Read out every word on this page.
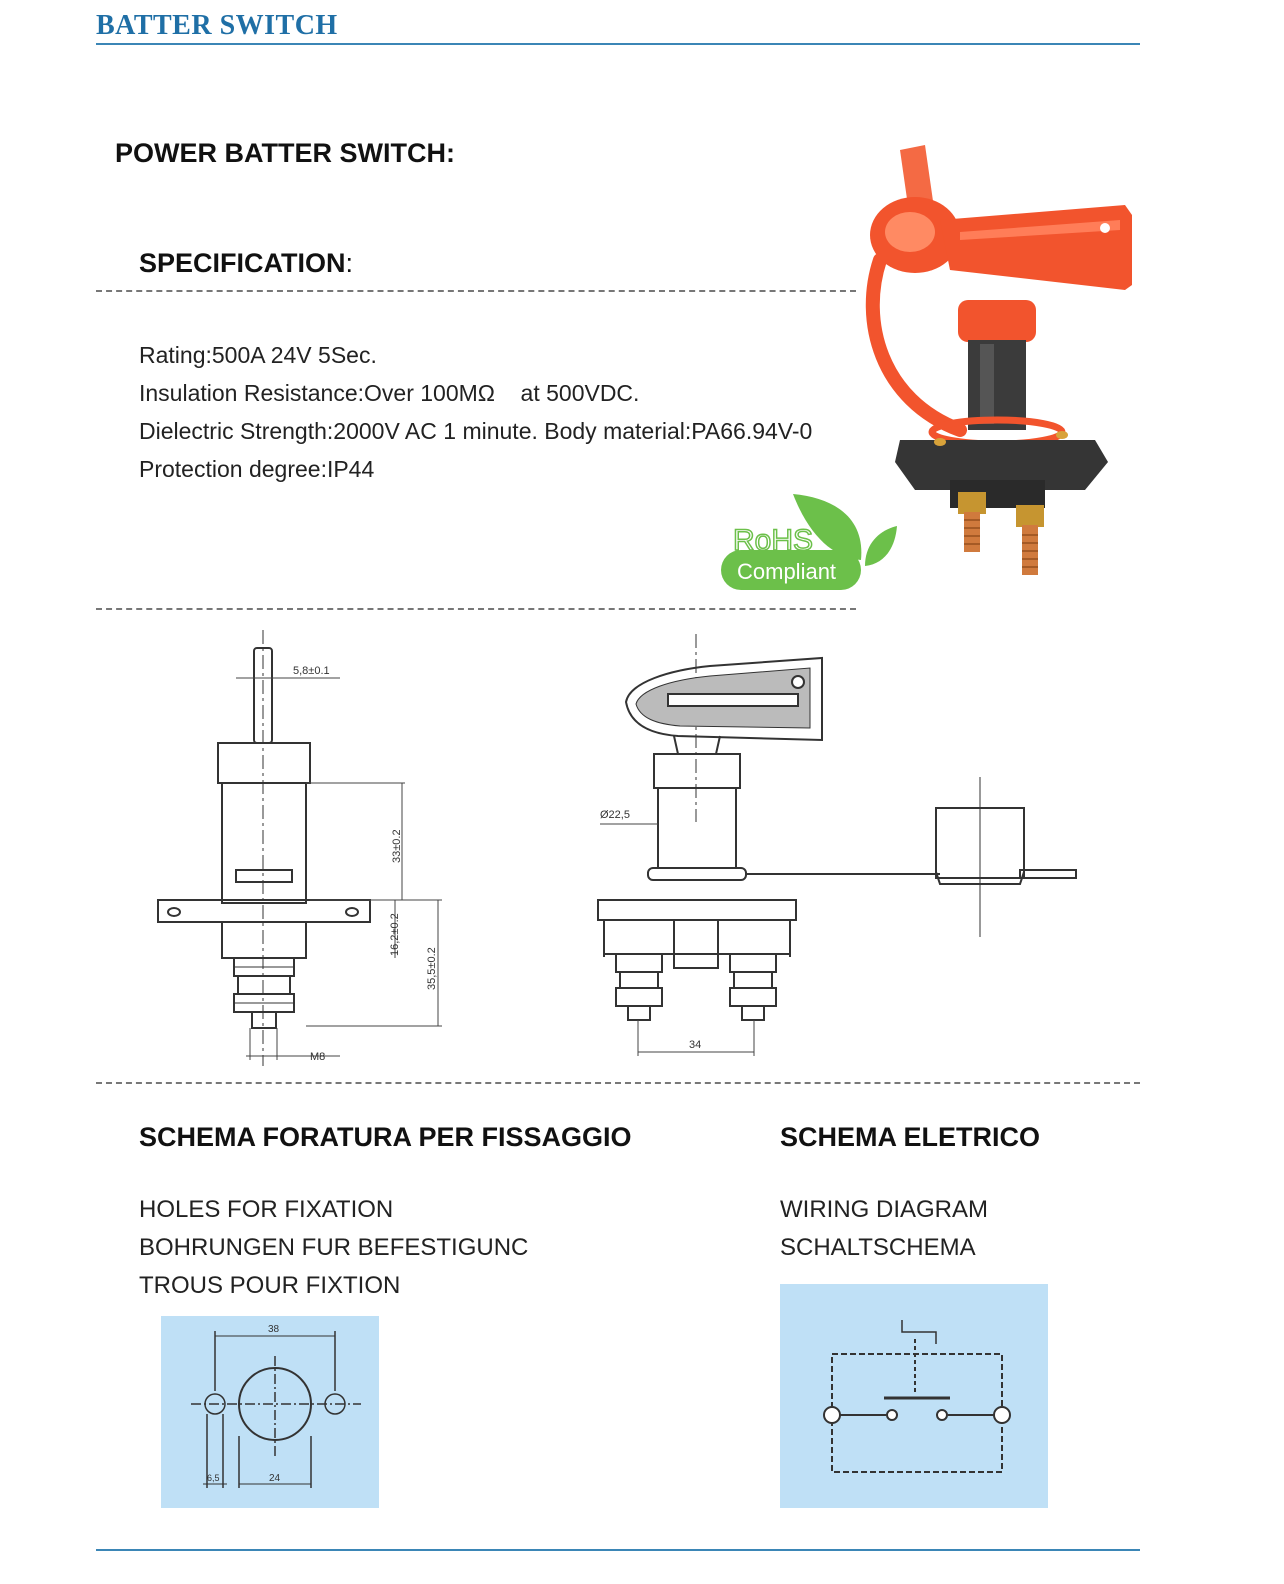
BATTER SWITCH
POWER BATTER SWITCH:
SPECIFICATION:
Rating:500A 24V 5Sec.
Insulation Resistance:Over 100MΩ    at 500VDC.
Dielectric Strength:2000V AC 1 minute. Body material:PA66.94V-0
Protection degree:IP44
RoHS
Compliant
5,8±0.1
33±0.2
16,2±0.2
35,5±0.2
M8
Ø22,5
34
SCHEMA FORATURA PER FISSAGGIO
HOLES FOR FIXATION
BOHRUNGEN FUR BEFESTIGUNC
TROUS POUR FIXTION
38
24
6,5
SCHEMA ELETRICO
WIRING DIAGRAM
SCHALTSCHEMA
